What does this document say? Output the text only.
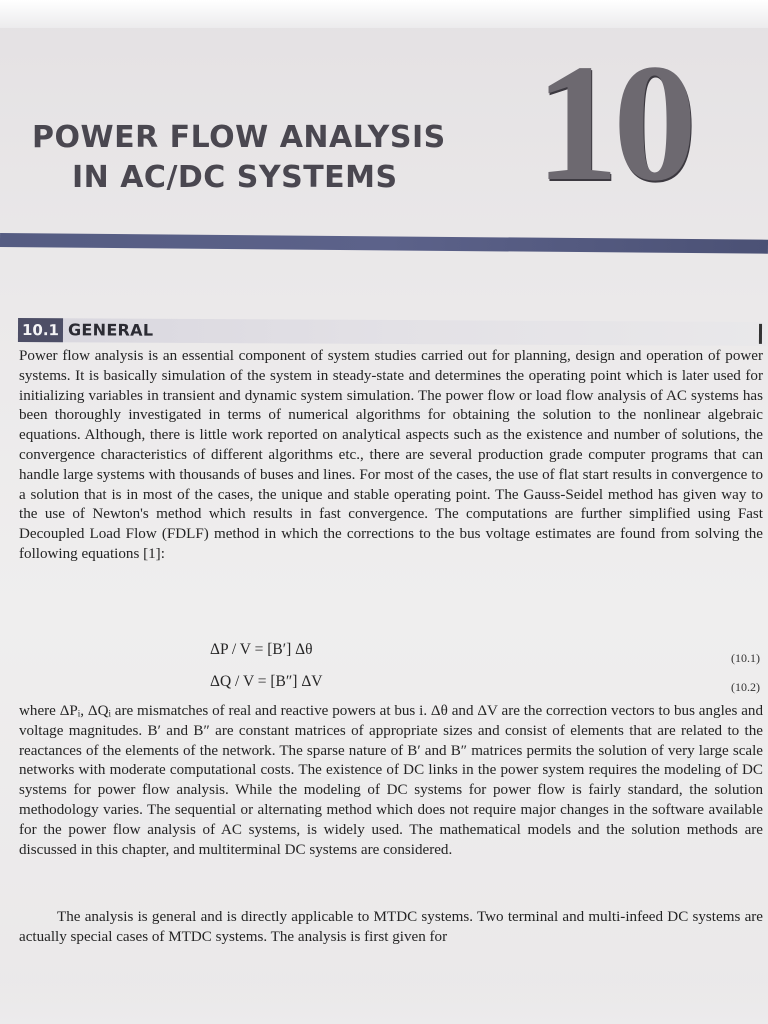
POWER FLOW ANALYSIS
IN AC/DC SYSTEMS 10
10.1 GENERAL
Power flow analysis is an essential component of system studies carried out for planning, design and operation of power systems. It is basically simulation of the system in steady-state and determines the operating point which is later used for initializing variables in transient and dynamic system simulation. The power flow or load flow analysis of AC systems has been thoroughly investigated in terms of numerical algorithms for obtaining the solution to the nonlinear algebraic equations. Although, there is little work reported on analytical aspects such as the existence and number of solutions, the convergence characteristics of different algorithms etc., there are several production grade computer programs that can handle large systems with thousands of buses and lines. For most of the cases, the use of flat start results in convergence to a solution that is in most of the cases, the unique and stable operating point. The Gauss-Seidel method has given way to the use of Newton's method which results in fast convergence. The computations are further simplified using Fast Decoupled Load Flow (FDLF) method in which the corrections to the bus voltage estimates are found from solving the following equations [1]:
ΔP / V = [B′] Δθ	(10.1)
ΔQ / V = [B″] ΔV	(10.2)
where ΔPᵢ, ΔQᵢ are mismatches of real and reactive powers at bus i. Δθ and ΔV are the correction vectors to bus angles and voltage magnitudes. B′ and B″ are constant matrices of appropriate sizes and consist of elements that are related to the reactances of the elements of the network. The sparse nature of B′ and B″ matrices permits the solution of very large scale networks with moderate computational costs. The existence of DC links in the power system requires the modeling of DC systems for power flow analysis. While the modeling of DC systems for power flow is fairly standard, the solution methodology varies. The sequential or alternating method which does not require major changes in the software available for the power flow analysis of AC systems, is widely used. The mathematical models and the solution methods are discussed in this chapter, and multiterminal DC systems are considered.
The analysis is general and is directly applicable to MTDC systems. Two terminal and multi-infeed DC systems are actually special cases of MTDC systems. The analysis is first given for
